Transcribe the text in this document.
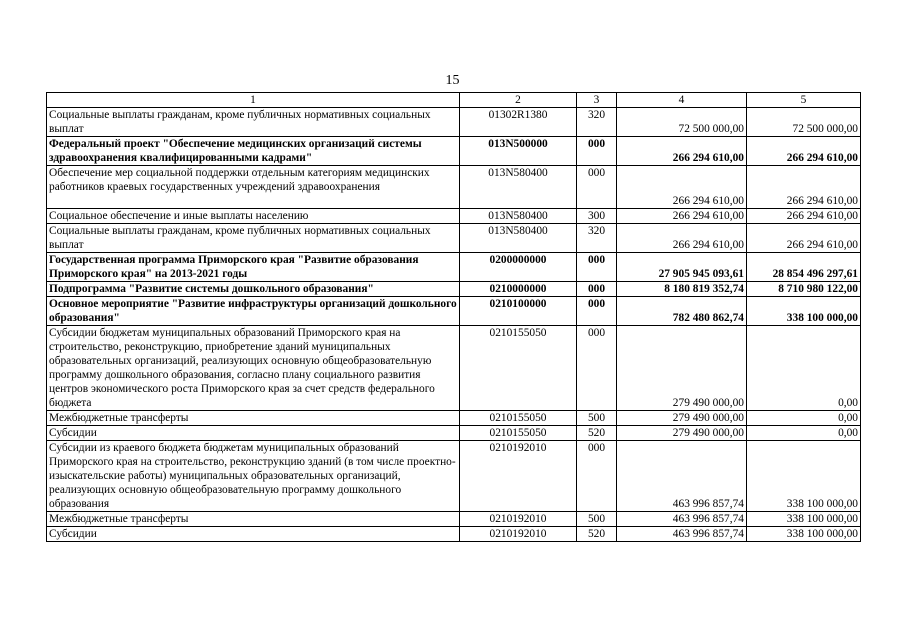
15
1	2	3	4	5
Социальные выплаты гражданам, кроме публичных нормативных социальных выплат	01302R1380	320	72 500 000,00	72 500 000,00
Федеральный проект "Обеспечение медицинских организаций системы здравоохранения квалифицированными кадрами"	013N500000	000	266 294 610,00	266 294 610,00
Обеспечение мер социальной поддержки отдельным категориям медицинских работников краевых государственных учреждений здравоохранения	013N580400	000	266 294 610,00	266 294 610,00
Социальное обеспечение и иные выплаты населению	013N580400	300	266 294 610,00	266 294 610,00
Социальные выплаты гражданам, кроме публичных нормативных социальных выплат	013N580400	320	266 294 610,00	266 294 610,00
Государственная программа Приморского края "Развитие образования Приморского края" на 2013-2021 годы	0200000000	000	27 905 945 093,61	28 854 496 297,61
Подпрограмма "Развитие системы дошкольного образования"	0210000000	000	8 180 819 352,74	8 710 980 122,00
Основное мероприятие "Развитие инфраструктуры организаций дошкольного образования"	0210100000	000	782 480 862,74	338 100 000,00
Субсидии бюджетам муниципальных образований Приморского края на строительство, реконструкцию, приобретение зданий муниципальных образовательных организаций, реализующих основную общеобразовательную программу дошкольного образования, согласно плану социального развития центров экономического роста Приморского края за счет средств федерального бюджета	0210155050	000	279 490 000,00	0,00
Межбюджетные трансферты	0210155050	500	279 490 000,00	0,00
Субсидии	0210155050	520	279 490 000,00	0,00
Субсидии из краевого бюджета бюджетам муниципальных образований Приморского края на строительство, реконструкцию зданий (в том числе проектно-изыскательские работы) муниципальных образовательных организаций, реализующих основную общеобразовательную программу дошкольного образования	0210192010	000	463 996 857,74	338 100 000,00
Межбюджетные трансферты	0210192010	500	463 996 857,74	338 100 000,00
Субсидии	0210192010	520	463 996 857,74	338 100 000,00
